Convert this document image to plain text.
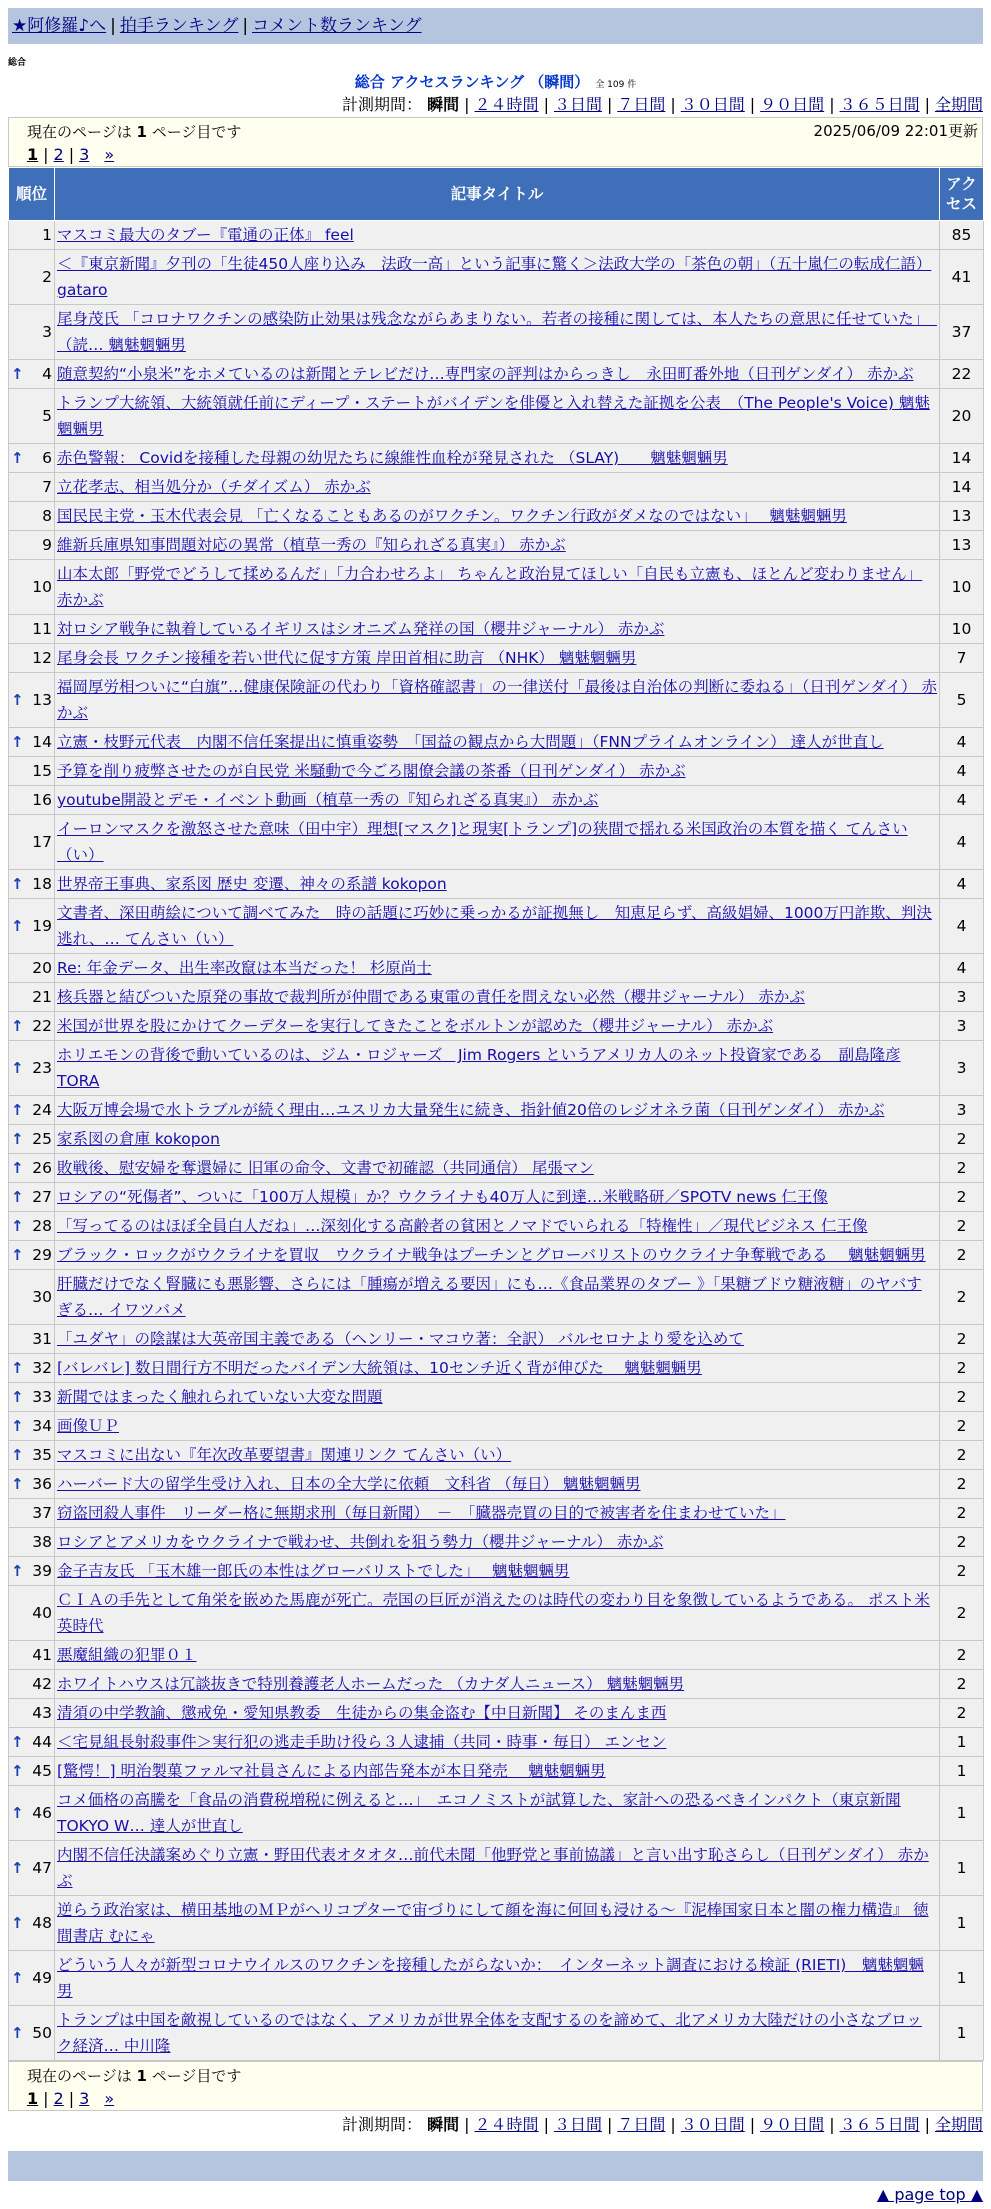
★阿修羅♪へ | 拍手ランキング | コメント数ランキング
総合
総合 アクセスランキング （瞬間） 全 109 件
計測期間： 瞬間 | ２４時間 | ３日間 | ７日間 | ３０日間 | ９０日間 | ３６５日間 | 全期間
現在のページは 1 ページ目です	2025/06/09 22:01更新
1 | 2 | 3 »
順位	記事タイトル	アクセス
1	マスコミ最大のタブー『電通の正体』 feel	85
2	＜『東京新聞』夕刊の「生徒450人座り込み　法政一高」という記事に驚く＞法政大学の「茶色の朝」（五十嵐仁の転成仁語） gataro	41
3	尾身茂氏 「コロナワクチンの感染防止効果は残念ながらあまりない。若者の接種に関しては、本人たちの意思に任せていた」　（読… 魑魅魍魎男	37

↑ 4	随意契約“小泉米”をホメているのは新聞とテレビだけ…専門家の評判はからっきし　永田町番外地（日刊ゲンダイ） 赤かぶ	22
5	トランプ大統領、大統領就任前にディープ・ステートがバイデンを俳優と入れ替えた証拠を公表　（The People's Voice) 魑魅魍魎男	20

↑ 6	赤色警報： Covidを接種した母親の幼児たちに線維性血栓が発見された （SLAY)　　魑魅魍魎男	14
7	立花孝志、相当処分か（チダイズム） 赤かぶ	14
8	国民民主党・玉木代表会見 「亡くなることもあるのがワクチン。ワクチン行政がダメなのではない」　 魑魅魍魎男	13
9	維新兵庫県知事問題対応の異常（植草一秀の『知られざる真実』） 赤かぶ	13
10	山本太郎「野党でどうして揉めるんだ」「力合わせろよ」 ちゃんと政治見てほしい「自民も立憲も、ほとんど変わりません」 赤かぶ	10
11	対ロシア戦争に執着しているイギリスはシオニズム発祥の国（櫻井ジャーナル） 赤かぶ	10
12	尾身会長 ワクチン接種を若い世代に促す方策 岸田首相に助言 （NHK） 魑魅魍魎男	7

↑ 13	福岡厚労相ついに“白旗”…健康保険証の代わり「資格確認書」の一律送付「最後は自治体の判断に委ねる」（日刊ゲンダイ） 赤かぶ	5

↑ 14	立憲・枝野元代表　内閣不信任案提出に慎重姿勢　「国益の観点から大問題」（FNNプライムオンライン） 達人が世直し	4
15	予算を削り疲弊させたのが自民党 米騒動で今ごろ閣僚会議の茶番（日刊ゲンダイ） 赤かぶ	4
16	youtube開設とデモ・イベント動画（植草一秀の『知られざる真実』） 赤かぶ	4
17	イーロンマスクを激怒させた意味（田中宇）理想[マスク]と現実[トランプ]の狭間で揺れる米国政治の本質を描く てんさい（い）	4

↑ 18	世界帝王事典、家系図 歴史 変遷、神々の系譜 kokopon	4

↑ 19	文書者、深田萌絵について調べてみた　時の話題に巧妙に乗っかるが証拠無し　知恵足らず、高級娼婦、1000万円詐欺、判決逃れ、… てんさい（い）	4
20	Re: 年金データ、出生率改竄は本当だった！ 杉原尚士	4
21	核兵器と結びついた原発の事故で裁判所が仲間である東電の責任を問えない必然（櫻井ジャーナル） 赤かぶ	3

↑ 22	米国が世界を股にかけてクーデターを実行してきたことをボルトンが認めた（櫻井ジャーナル） 赤かぶ	3

↑ 23	ホリエモンの背後で動いているのは、ジム・ロジャーズ　Jim Rogers というアメリカ人のネット投資家である　副島隆彦 TORA	3

↑ 24	大阪万博会場で水トラブルが続く理由…ユスリカ大量発生に続き、指針値20倍のレジオネラ菌（日刊ゲンダイ） 赤かぶ	3

↑ 25	家系図の倉庫 kokopon	2

↑ 26	敗戦後、慰安婦を奪還婦に 旧軍の命令、文書で初確認（共同通信） 尾張マン	2

↑ 27	ロシアの“死傷者”、ついに「100万人規模」か？ウクライナも40万人に到達…米戦略研／SPOTV news 仁王像	2

↑ 28	「写ってるのはほぼ全員白人だね」…深刻化する高齢者の貧困とノマドでいられる「特権性」／現代ビジネス 仁王像	2

↑ 29	ブラック・ロックがウクライナを買収　ウクライナ戦争はプーチンとグローバリストのウクライナ争奪戦である　 魑魅魍魎男	2
30	肝臓だけでなく腎臓にも悪影響、さらには「腫瘍が増える要因」にも…《食品業界のタブー 》「果糖ブドウ糖液糖」のヤバすぎる… イワツバメ	2
31	「ユダヤ」の陰謀は大英帝国主義である（ヘンリー・マコウ著：全訳） バルセロナより愛を込めて	2

↑ 32	[バレバレ] 数日間行方不明だったバイデン大統領は、10センチ近く背が伸びた　 魑魅魍魎男	2

↑ 33	新聞ではまったく触れられていない大変な問題	2

↑ 34	画像ＵＰ	2

↑ 35	マスコミに出ない『年次改革要望書』関連リンク てんさい（い）	2

↑ 36	ハーバード大の留学生受け入れ、日本の全大学に依頼　文科省 （毎日） 魑魅魍魎男	2
37	窃盗団殺人事件　リーダー格に無期求刑（毎日新聞）　－　「臓器売買の目的で被害者を住まわせていた」	2
38	ロシアとアメリカをウクライナで戦わせ、共倒れを狙う勢力（櫻井ジャーナル） 赤かぶ	2

↑ 39	金子吉友氏 「玉木雄一郎氏の本性はグローバリストでした」　 魑魅魍魎男	2
40	ＣＩＡの手先として角栄を嵌めた馬鹿が死亡。売国の巨匠が消えたのは時代の変わり目を象徴しているようである。 ポスト米英時代	2
41	悪魔組織の犯罪０１	2
42	ホワイトハウスは冗談抜きで特別養護老人ホームだった （カナダ人ニュース） 魑魅魍魎男	2
43	清須の中学教諭、懲戒免・愛知県教委　生徒からの集金盗む【中日新聞】 そのまんま西	2

↑ 44	＜宅見組長射殺事件＞実行犯の逃走手助け役ら３人逮捕（共同・時事・毎日） エンセン	1

↑ 45	[驚愕！] 明治製菓ファルマ社員さんによる内部告発本が本日発売　 魑魅魍魎男	1

↑ 46	コメ価格の高騰を「食品の消費税増税に例えると…」　エコノミストが試算した、家計への恐るべきインパクト（東京新聞 TOKYO W… 達人が世直し	1

↑ 47	内閣不信任決議案めぐり立憲・野田代表オタオタ…前代未聞「他野党と事前協議」と言い出す恥さらし（日刊ゲンダイ） 赤かぶ	1

↑ 48	逆らう政治家は、横田基地のＭＰがヘリコプターで宙づりにして顔を海に何回も浸ける～『泥棒国家日本と闇の権力構造』 徳間書店 むにゃ	1

↑ 49	どういう人々が新型コロナウイルスのワクチンを接種したがらないか：　インターネット調査における検証 (RIETI)　魑魅魍魎男	1

↑ 50	トランプは中国を敵視しているのではなく、アメリカが世界全体を支配するのを諦めて、北アメリカ大陸だけの小さなブロック経済… 中川隆	1
現在のページは 1 ページ目です
1 | 2 | 3 »
計測期間： 瞬間 | ２４時間 | ３日間 | ７日間 | ３０日間 | ９０日間 | ３６５日間 | 全期間
▲ page top ▲
